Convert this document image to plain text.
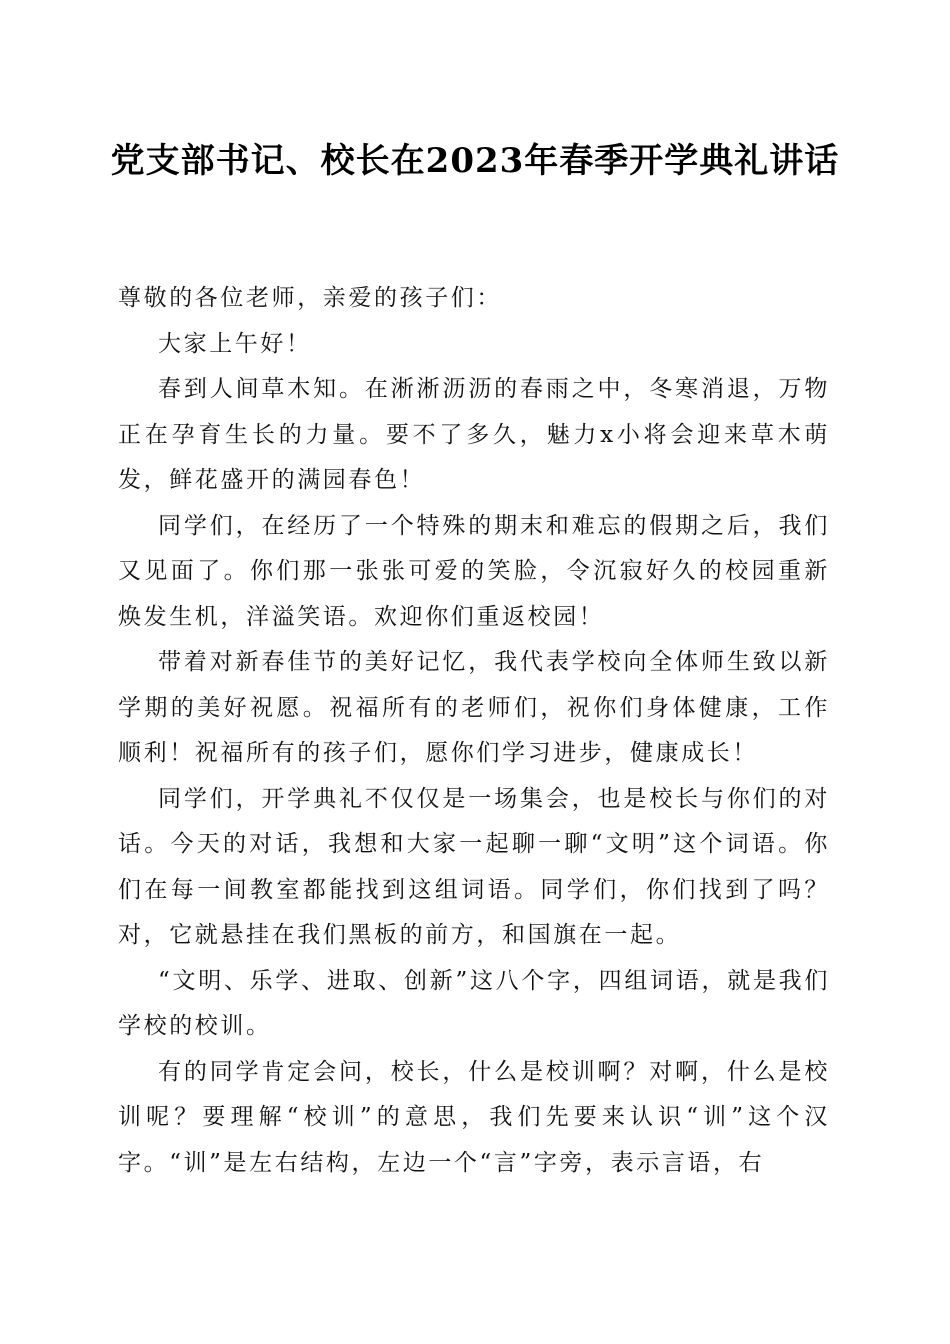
党支部书记、校长在2023年春季开学典礼讲话

尊敬的各位老师，亲爱的孩子们：

大家上午好！

春到人间草木知。在淅淅沥沥的春雨之中，冬寒消退，万物正在孕育生长的力量。要不了多久，魅力x小将会迎来草木萌发，鲜花盛开的满园春色！

同学们，在经历了一个特殊的期末和难忘的假期之后，我们又见面了。你们那一张张可爱的笑脸，令沉寂好久的校园重新焕发生机，洋溢笑语。欢迎你们重返校园！

带着对新春佳节的美好记忆，我代表学校向全体师生致以新学期的美好祝愿。祝福所有的老师们，祝你们身体健康，工作顺利！祝福所有的孩子们，愿你们学习进步，健康成长！

同学们，开学典礼不仅仅是一场集会，也是校长与你们的对话。今天的对话，我想和大家一起聊一聊“文明”这个词语。你们在每一间教室都能找到这组词语。同学们，你们找到了吗？对，它就悬挂在我们黑板的前方，和国旗在一起。

“文明、乐学、进取、创新”这八个字，四组词语，就是我们学校的校训。

有的同学肯定会问，校长，什么是校训啊？对啊，什么是校训呢？要理解“校训”的意思，我们先要来认识“训”这个汉字。“训”是左右结构，左边一个“言”字旁，表示言语，右
